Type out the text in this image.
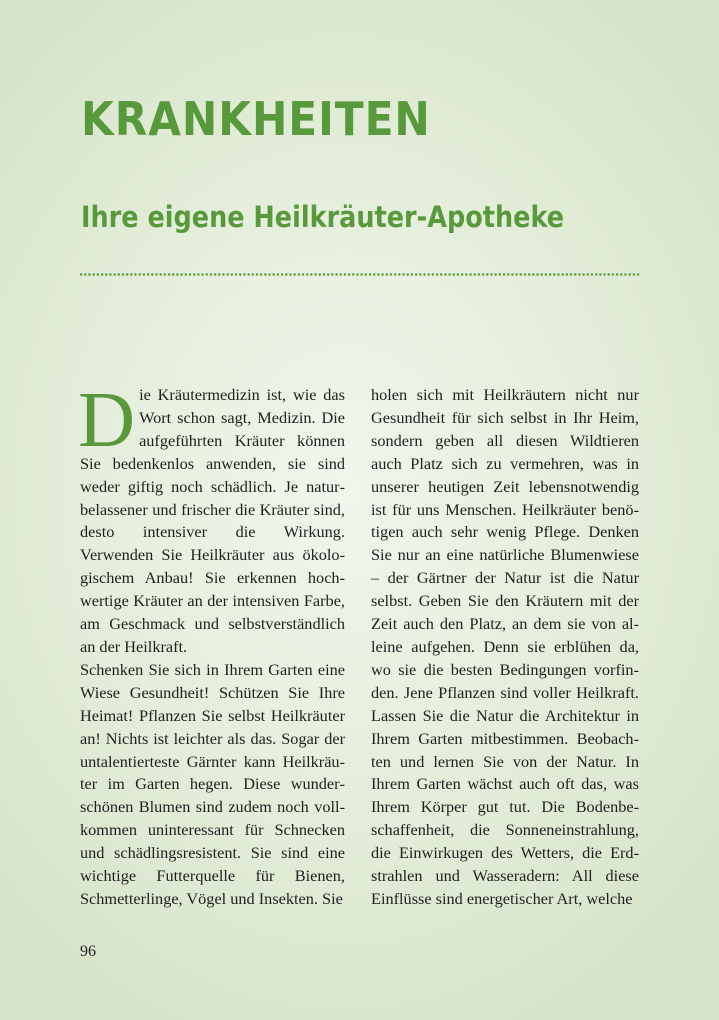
KRANKHEITEN
Ihre eigene Heilkräuter-Apotheke

Die Kräutermedizin ist, wie das Wort schon sagt, Medizin. Die aufgeführten Kräuter können Sie bedenkenlos anwenden, sie sind weder giftig noch schädlich. Je naturbelassener und frischer die Kräuter sind, desto intensiver die Wirkung. Verwenden Sie Heilkräuter aus ökologischem Anbau! Sie erkennen hochwertige Kräuter an der intensiven Farbe, am Geschmack und selbstverständlich an der Heilkraft.

Schenken Sie sich in Ihrem Garten eine Wiese Gesundheit! Schützen Sie Ihre Heimat! Pflanzen Sie selbst Heilkräuter an! Nichts ist leichter als das. Sogar der untalentierteste Gärnter kann Heilkräuter im Garten hegen. Diese wunderschönen Blumen sind zudem noch vollkommen uninteressant für Schnecken und schädlingsresistent. Sie sind eine wichtige Futterquelle für Bienen, Schmetterlinge, Vögel und Insekten. Sie

holen sich mit Heilkräutern nicht nur Gesundheit für sich selbst in Ihr Heim, sondern geben all diesen Wildtieren auch Platz sich zu vermehren, was in unserer heutigen Zeit lebensnotwendig ist für uns Menschen. Heilkräuter benötigen auch sehr wenig Pflege. Denken Sie nur an eine natürliche Blumenwiese – der Gärtner der Natur ist die Natur selbst. Geben Sie den Kräutern mit der Zeit auch den Platz, an dem sie von alleine aufgehen. Denn sie erblühen da, wo sie die besten Bedingungen vorfinden. Jene Pflanzen sind voller Heilkraft. Lassen Sie die Natur die Architektur in Ihrem Garten mitbestimmen. Beobachten und lernen Sie von der Natur. In Ihrem Garten wächst auch oft das, was Ihrem Körper gut tut. Die Bodenbeschaffenheit, die Sonneneinstrahlung, die Einwirkugen des Wetters, die Erdstrahlen und Wasseradern: All diese Einflüsse sind energetischer Art, welche

96
